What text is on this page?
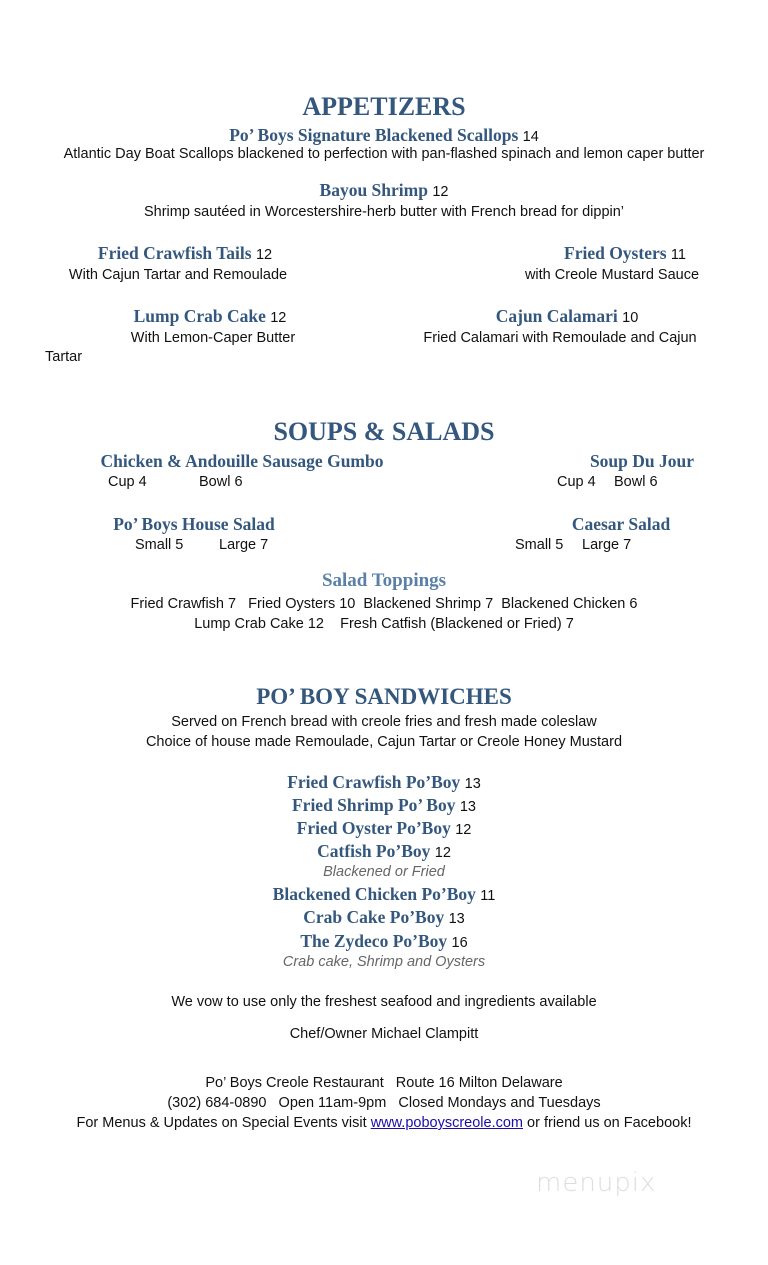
APPETIZERS
Po’ Boys Signature Blackened Scallops 14
Atlantic Day Boat Scallops blackened to perfection with pan-flashed spinach and lemon caper butter
Bayou Shrimp 12
Shrimp sautéed in Worcestershire-herb butter with French bread for dippin’
Fried Crawfish Tails 12
With Cajun Tartar and Remoulade
Fried Oysters 11
with Creole Mustard Sauce
Lump Crab Cake 12
With Lemon-Caper Butter
Cajun Calamari 10
Fried Calamari with Remoulade and Cajun
Tartar
SOUPS & SALADS
Chicken & Andouille Sausage Gumbo
Cup 4	Bowl 6
Soup Du Jour
Cup 4 Bowl 6
Po’ Boys House Salad
Small 5 Large 7
Caesar Salad
Small 5 Large 7
Salad Toppings
Fried Crawfish 7   Fried Oysters 10  Blackened Shrimp 7  Blackened Chicken 6
Lump Crab Cake 12    Fresh Catfish (Blackened or Fried) 7
PO’ BOY SANDWICHES
Served on French bread with creole fries and fresh made coleslaw
Choice of house made Remoulade, Cajun Tartar or Creole Honey Mustard
Fried Crawfish Po’Boy 13
Fried Shrimp Po’ Boy 13
Fried Oyster Po’Boy 12
Catfish Po’Boy 12
Blackened or Fried
Blackened Chicken Po’Boy 11
Crab Cake Po’Boy 13
The Zydeco Po’Boy 16
Crab cake, Shrimp and Oysters
We vow to use only the freshest seafood and ingredients available
Chef/Owner Michael Clampitt
Po’ Boys Creole Restaurant   Route 16 Milton Delaware
(302) 684-0890   Open 11am-9pm   Closed Mondays and Tuesdays
For Menus & Updates on Special Events visit www.poboyscreole.com or friend us on Facebook!
menupix
